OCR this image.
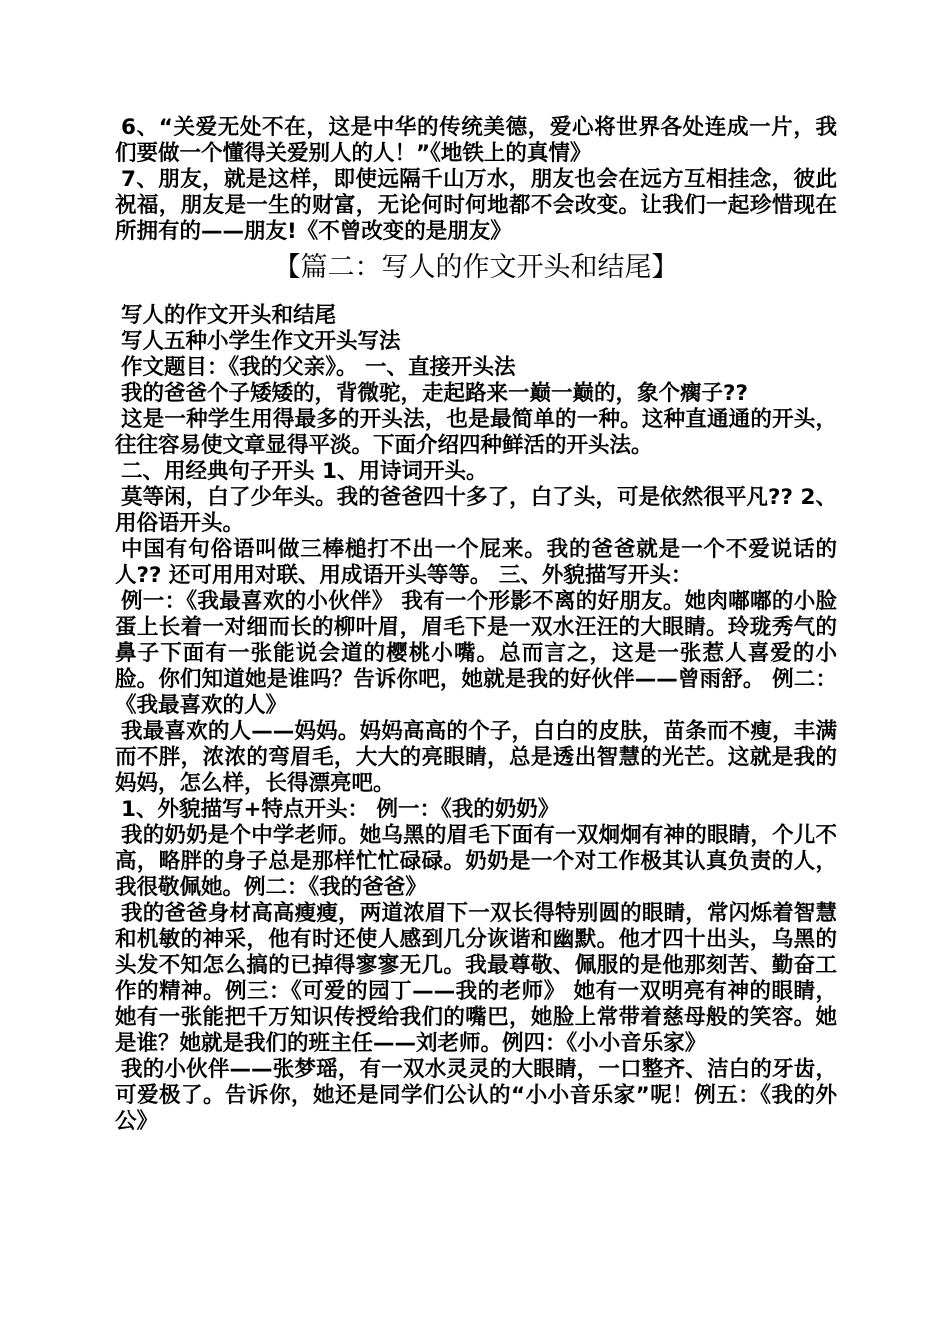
6、“关爱无处不在，这是中华的传统美德，爱心将世界各处连成一片，我们要做一个懂得关爱别人的人！”《地铁上的真情》

7、朋友，就是这样，即使远隔千山万水，朋友也会在远方互相挂念，彼此祝福，朋友是一生的财富，无论何时何地都不会改变。让我们一起珍惜现在所拥有的——朋友!《不曾改变的是朋友》

【篇二：写人的作文开头和结尾】

写人的作文开头和结尾

写人五种小学生作文开头写法

作文题目：《我的父亲》。 一、直接开头法

我的爸爸个子矮矮的，背微驼，走起路来一巅一巅的，象个瘸子??

这是一种学生用得最多的开头法，也是最简单的一种。这种直通通的开头，往往容易使文章显得平淡。下面介绍四种鲜活的开头法。

二、用经典句子开头 1、用诗词开头。

莫等闲，白了少年头。我的爸爸四十多了，白了头，可是依然很平凡?? 2、用俗语开头。

中国有句俗语叫做三棒槌打不出一个屁来。我的爸爸就是一个不爱说话的人?? 还可用用对联、用成语开头等等。 三、外貌描写开头：

例一：《我最喜欢的小伙伴》 我有一个形影不离的好朋友。她肉嘟嘟的小脸蛋上长着一对细而长的柳叶眉，眉毛下是一双水汪汪的大眼睛。玲珑秀气的鼻子下面有一张能说会道的樱桃小嘴。总而言之，这是一张惹人喜爱的小脸。你们知道她是谁吗？告诉你吧，她就是我的好伙伴——曾雨舒。 例二：《我最喜欢的人》

我最喜欢的人——妈妈。妈妈高高的个子，白白的皮肤，苗条而不瘦，丰满而不胖，浓浓的弯眉毛，大大的亮眼睛，总是透出智慧的光芒。这就是我的妈妈，怎么样，长得漂亮吧。

1、外貌描写+特点开头： 例一：《我的奶奶》

我的奶奶是个中学老师。她乌黑的眉毛下面有一双炯炯有神的眼睛，个儿不高，略胖的身子总是那样忙忙碌碌。奶奶是一个对工作极其认真负责的人，我很敬佩她。例二：《我的爸爸》

我的爸爸身材高高瘦瘦，两道浓眉下一双长得特别圆的眼睛，常闪烁着智慧和机敏的神采，他有时还使人感到几分诙谐和幽默。他才四十出头，乌黑的头发不知怎么搞的已掉得寥寥无几。我最尊敬、佩服的是他那刻苦、勤奋工作的精神。例三：《可爱的园丁——我的老师》 她有一双明亮有神的眼睛，她有一张能把千万知识传授给我们的嘴巴，她脸上常带着慈母般的笑容。她是谁？她就是我们的班主任——刘老师。例四：《小小音乐家》

我的小伙伴——张梦瑶，有一双水灵灵的大眼睛，一口整齐、洁白的牙齿，可爱极了。告诉你，她还是同学们公认的“小小音乐家”呢！例五：《我的外公》
